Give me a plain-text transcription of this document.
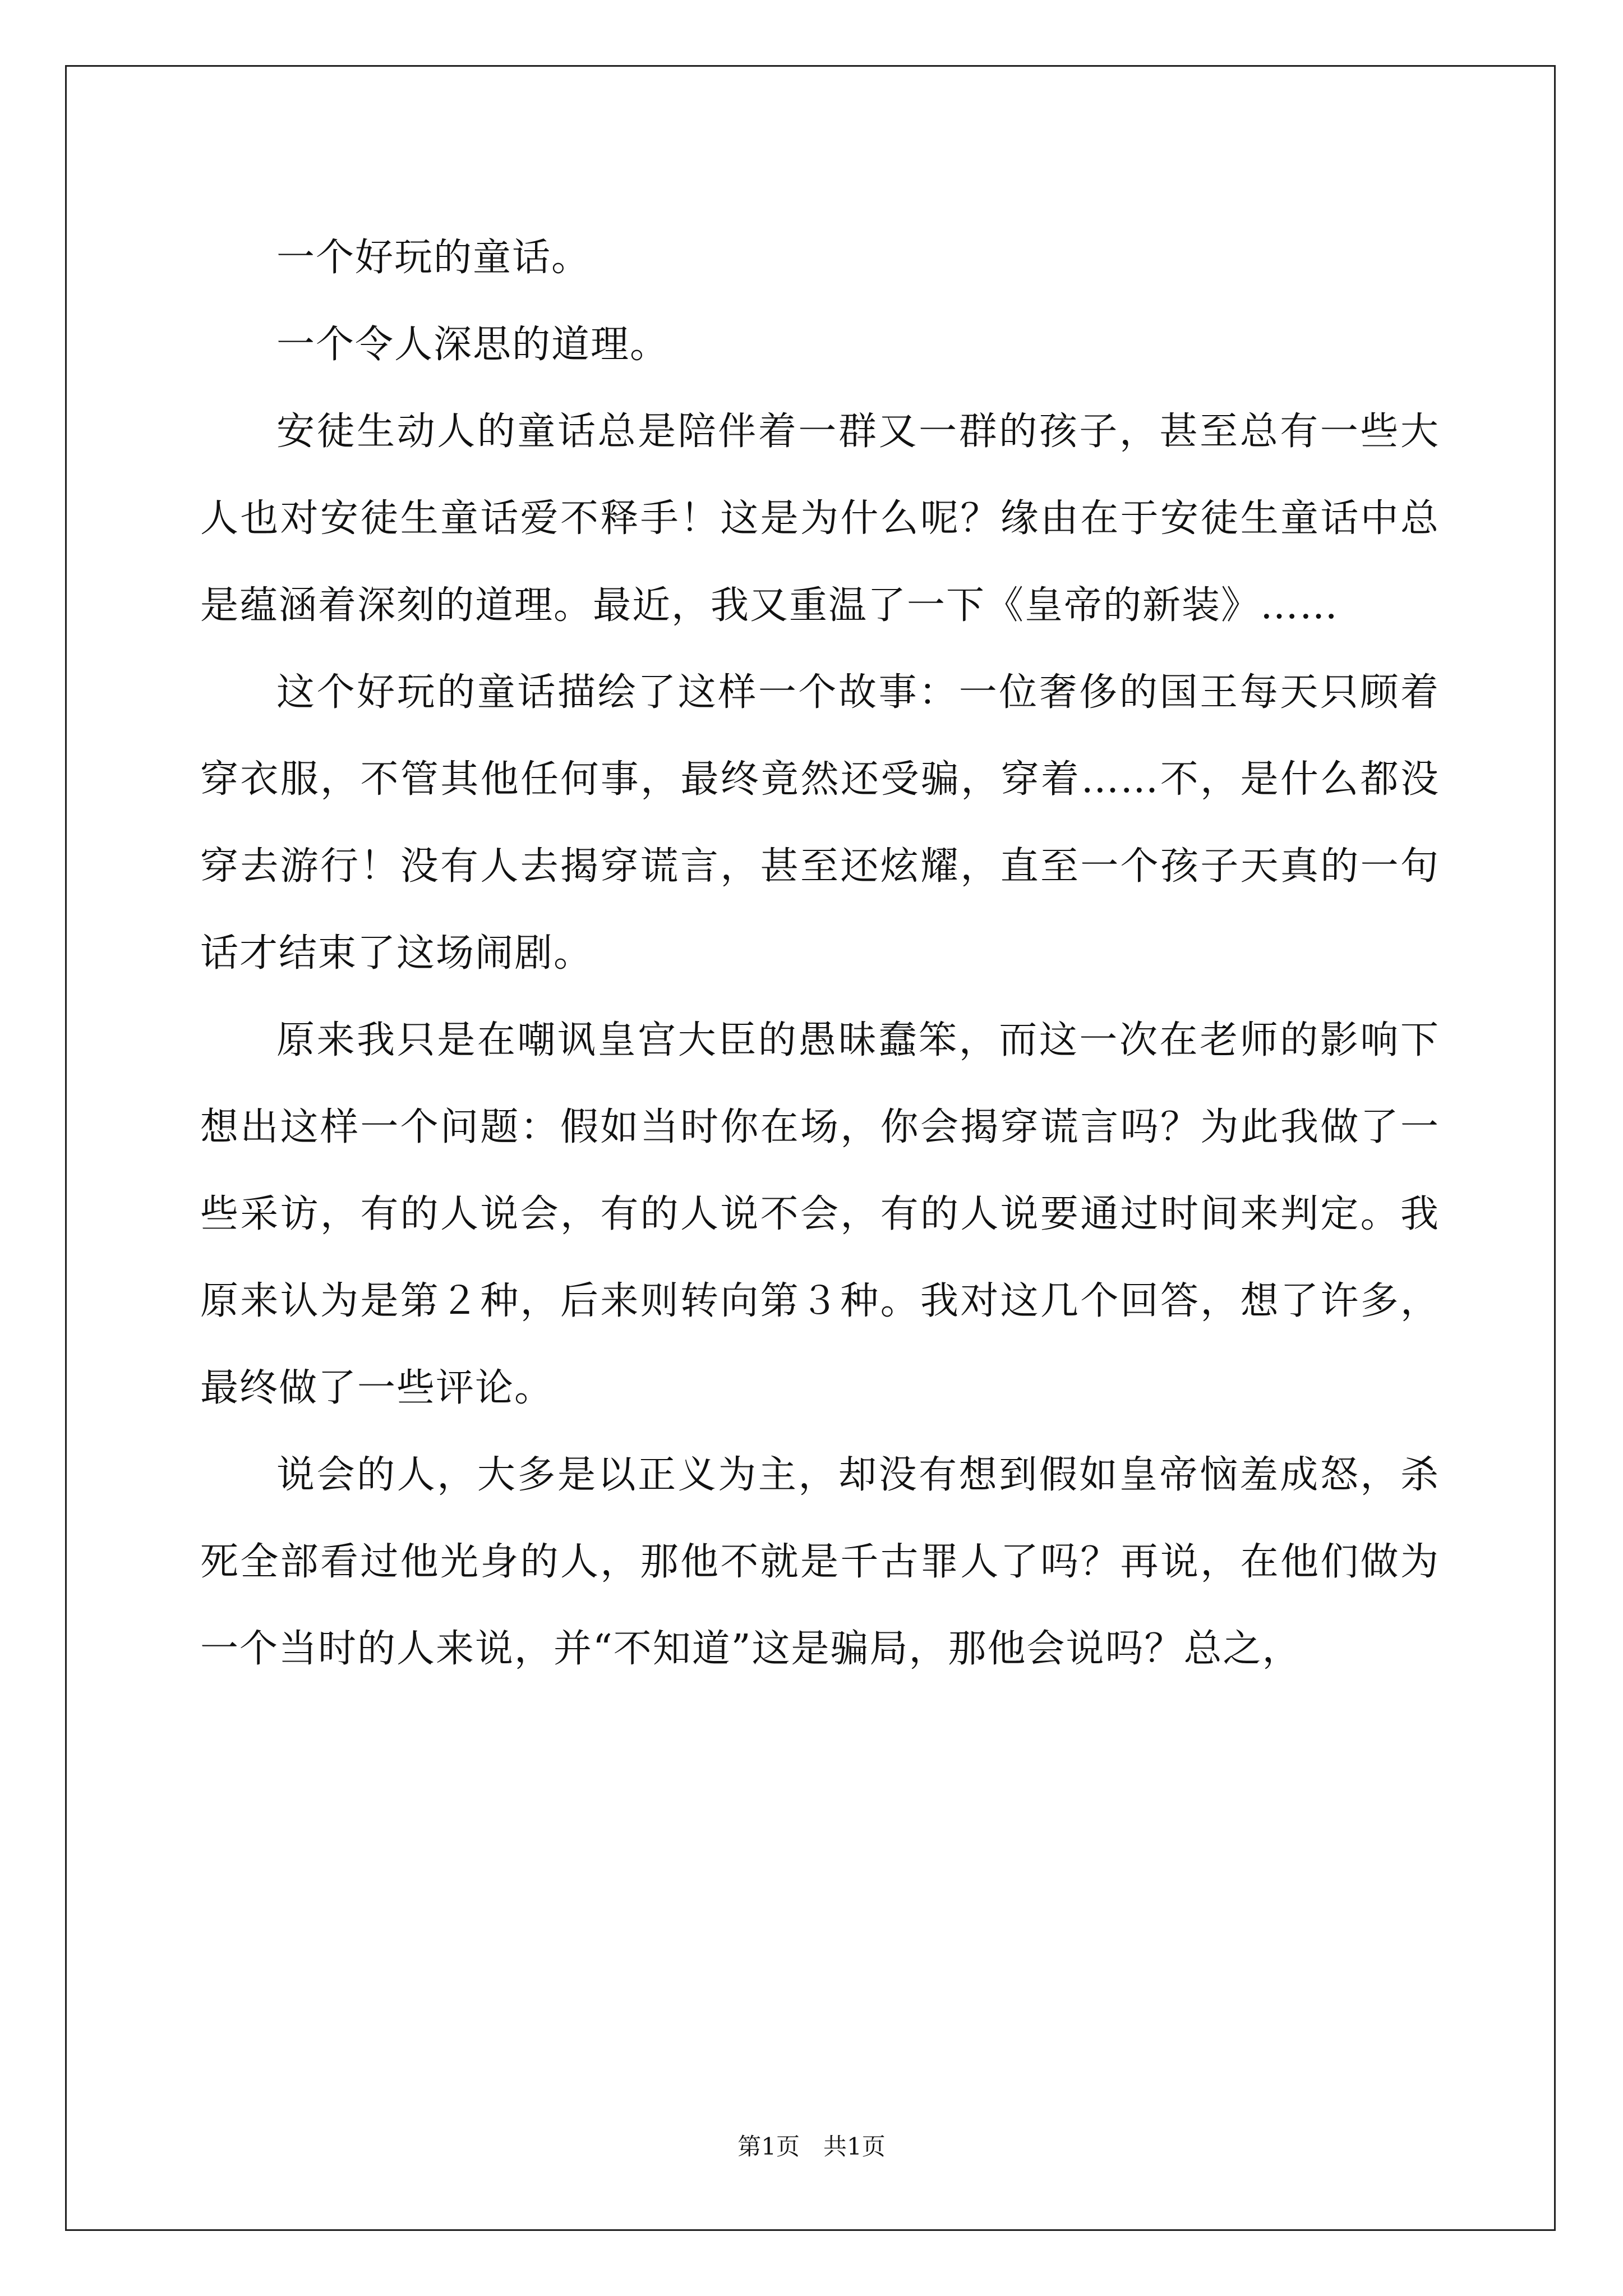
一个好玩的童话。

一个令人深思的道理。

安徒生动人的童话总是陪伴着一群又一群的孩子，甚至总有一些大人也对安徒生童话爱不释手！这是为什么呢？缘由在于安徒生童话中总是蕴涵着深刻的道理。最近，我又重温了一下《皇帝的新装》……

这个好玩的童话描绘了这样一个故事：一位奢侈的国王每天只顾着穿衣服，不管其他任何事，最终竟然还受骗，穿着……不，是什么都没穿去游行！没有人去揭穿谎言，甚至还炫耀，直至一个孩子天真的一句话才结束了这场闹剧。

原来我只是在嘲讽皇宫大臣的愚昧蠢笨，而这一次在老师的影响下想出这样一个问题：假如当时你在场，你会揭穿谎言吗？为此我做了一些采访，有的人说会，有的人说不会，有的人说要通过时间来判定。我原来认为是第２种，后来则转向第３种。我对这几个回答，想了许多，最终做了一些评论。

说会的人，大多是以正义为主，却没有想到假如皇帝恼羞成怒，杀死全部看过他光身的人，那他不就是千古罪人了吗？再说，在他们做为一个当时的人来说，并“不知道”这是骗局，那他会说吗？总之，

第1页　共1页
